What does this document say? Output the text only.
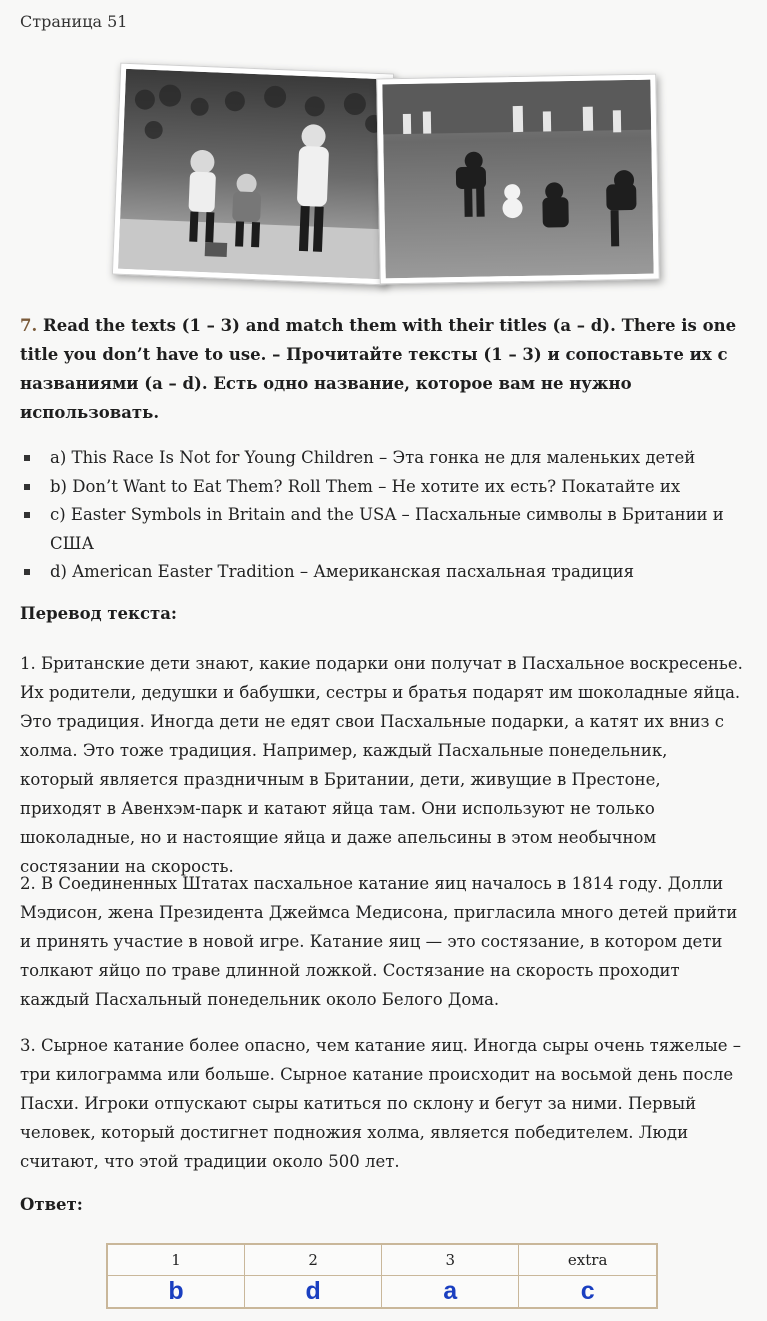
Страница 51
7. Read the texts (1 – 3) and match them with their titles (a – d). There is one title you don’t have to use. – Прочитайте тексты (1 – 3) и сопоставьте их с названиями (a – d). Есть одно название, которое вам не нужно использовать.
a) This Race Is Not for Young Children – Эта гонка не для маленьких детей
b) Don’t Want to Eat Them? Roll Them – Не хотите их есть? Покатайте их
c) Easter Symbols in Britain and the USA – Пасхальные символы в Британии и США
d) American Easter Tradition – Американская пасхальная традиция
Перевод текста:

1. Британские дети знают, какие подарки они получат в Пасхальное воскресенье. Их родители, дедушки и бабушки, сестры и братья подарят им шоколадные яйца. Это традиция. Иногда дети не едят свои Пасхальные подарки, а катят их вниз с холма. Это тоже традиция. Например, каждый Пасхальные понедельник, который является праздничным в Британии, дети, живущие в Престоне, приходят в Авенхэм-парк и катают яйца там. Они используют не только шоколадные, но и настоящие яйца и даже апельсины в этом необычном состязании на скорость.

2. В Соединенных Штатах пасхальное катание яиц началось в 1814 году. Долли Мэдисон, жена Президента Джеймса Медисона, пригласила много детей прийти и принять участие в новой игре. Катание яиц — это состязание, в котором дети толкают яйцо по траве длинной ложкой. Состязание на скорость проходит каждый Пасхальный понедельник около Белого Дома.

3. Сырное катание более опасно, чем катание яиц. Иногда сыры очень тяжелые – три килограмма или больше. Сырное катание происходит на восьмой день после Пасхи. Игроки отпускают сыры катиться по склону и бегут за ними. Первый человек, который достигнет подножия холма, является победителем. Люди считают, что этой традиции около 500 лет.

Ответ:
1	2	3	extra
b	d	a	c
